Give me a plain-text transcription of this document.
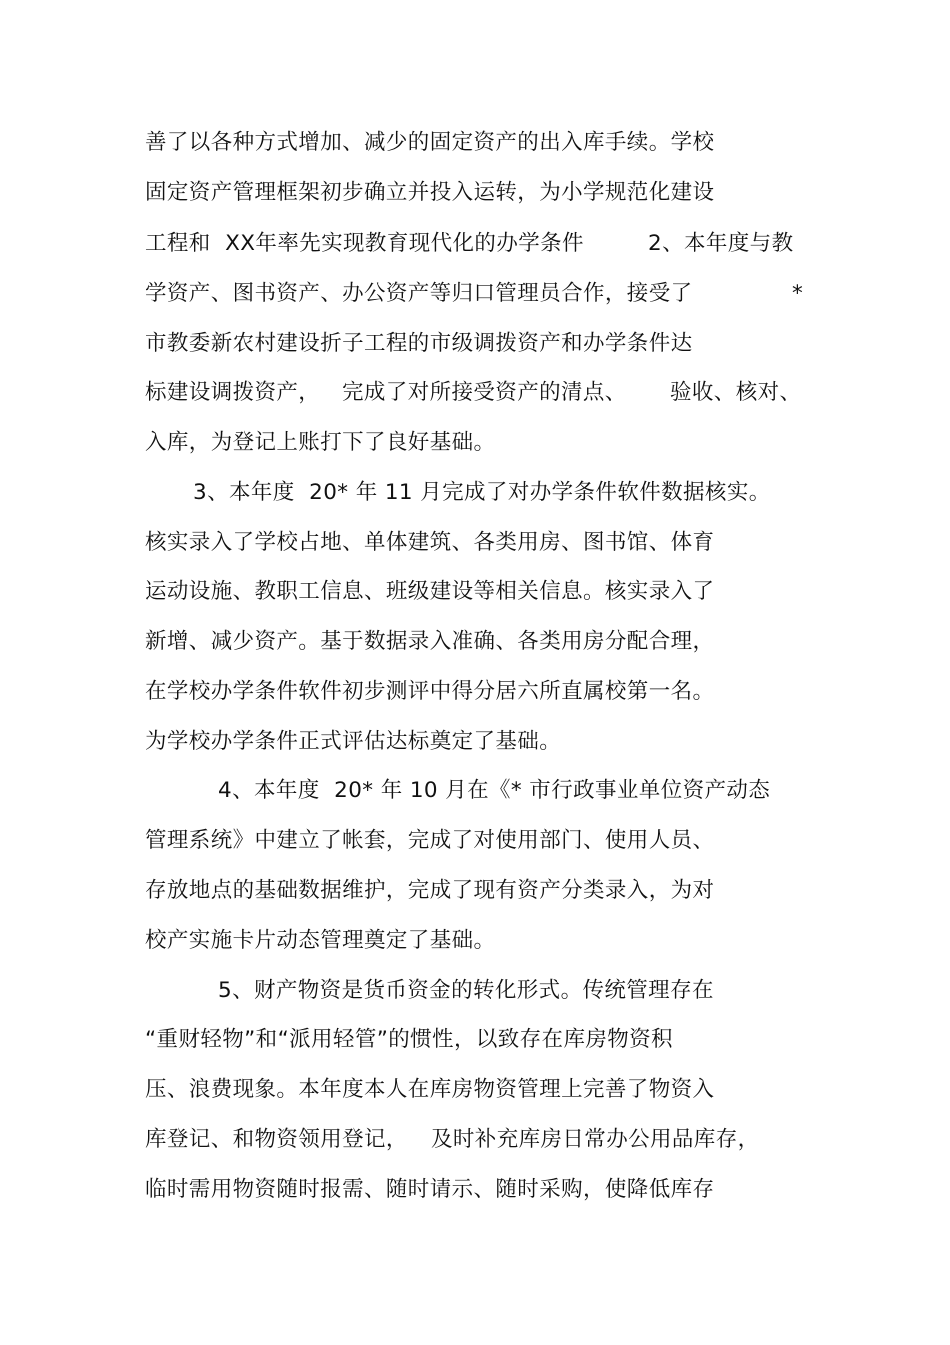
善了以各种方式增加、减少的固定资产的出入库手续。学校
固定资产管理框架初步确立并投入运转，为小学规范化建设
工程和  XX年率先实现教育现代化的办学条件	2、本年度与教
学资产、图书资产、办公资产等归口管理员合作，接受了	*
市教委新农村建设折子工程的市级调拨资产和办学条件达
标建设调拨资产， 完成了对所接受资产的清点、 验收、核对、
入库，为登记上账打下了良好基础。
3、本年度  20* 年 11 月完成了对办学条件软件数据核实。
核实录入了学校占地、单体建筑、各类用房、图书馆、体育
运动设施、教职工信息、班级建设等相关信息。核实录入了
新增、减少资产。基于数据录入准确、各类用房分配合理，
在学校办学条件软件初步测评中得分居六所直属校第一名。
为学校办学条件正式评估达标奠定了基础。
4、本年度  20* 年 10 月在《* 市行政事业单位资产动态
管理系统》中建立了帐套，完成了对使用部门、使用人员、
存放地点的基础数据维护，完成了现有资产分类录入，为对
校产实施卡片动态管理奠定了基础。
5、财产物资是货币资金的转化形式。传统管理存在
“重财轻物”和“派用轻管”的惯性，以致存在库房物资积
压、浪费现象。本年度本人在库房物资管理上完善了物资入
库登记、和物资领用登记， 及时补充库房日常办公用品库存，
临时需用物资随时报需、随时请示、随时采购，使降低库存
